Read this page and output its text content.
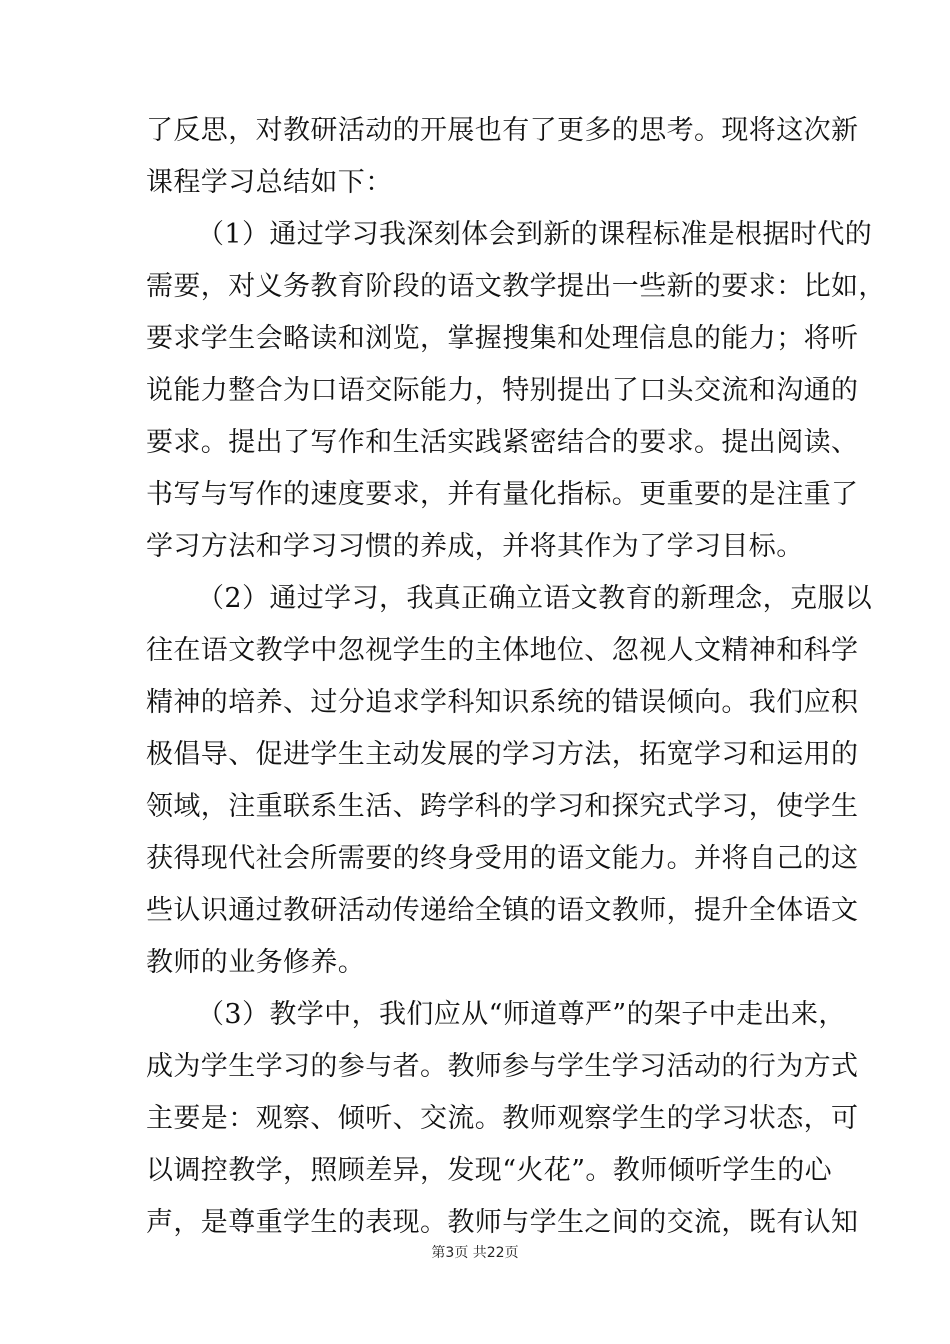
了反思，对教研活动的开展也有了更多的思考。现将这次新
课程学习总结如下：
（1）通过学习我深刻体会到新的课程标准是根据时代的
需要，对义务教育阶段的语文教学提出一些新的要求：比如，
要求学生会略读和浏览，掌握搜集和处理信息的能力；将听
说能力整合为口语交际能力，特别提出了口头交流和沟通的
要求。提出了写作和生活实践紧密结合的要求。提出阅读、
书写与写作的速度要求，并有量化指标。更重要的是注重了
学习方法和学习习惯的养成，并将其作为了学习目标。
（2）通过学习，我真正确立语文教育的新理念，克服以
往在语文教学中忽视学生的主体地位、忽视人文精神和科学
精神的培养、过分追求学科知识系统的错误倾向。我们应积
极倡导、促进学生主动发展的学习方法，拓宽学习和运用的
领域，注重联系生活、跨学科的学习和探究式学习，使学生
获得现代社会所需要的终身受用的语文能力。并将自己的这
些认识通过教研活动传递给全镇的语文教师，提升全体语文
教师的业务修养。
（3）教学中，我们应从“师道尊严”的架子中走出来，
成为学生学习的参与者。教师参与学生学习活动的行为方式
主要是：观察、倾听、交流。教师观察学生的学习状态，可
以调控教学，照顾差异，发现“火花”。教师倾听学生的心
声，是尊重学生的表现。教师与学生之间的交流，既有认知
第3页 共22页
